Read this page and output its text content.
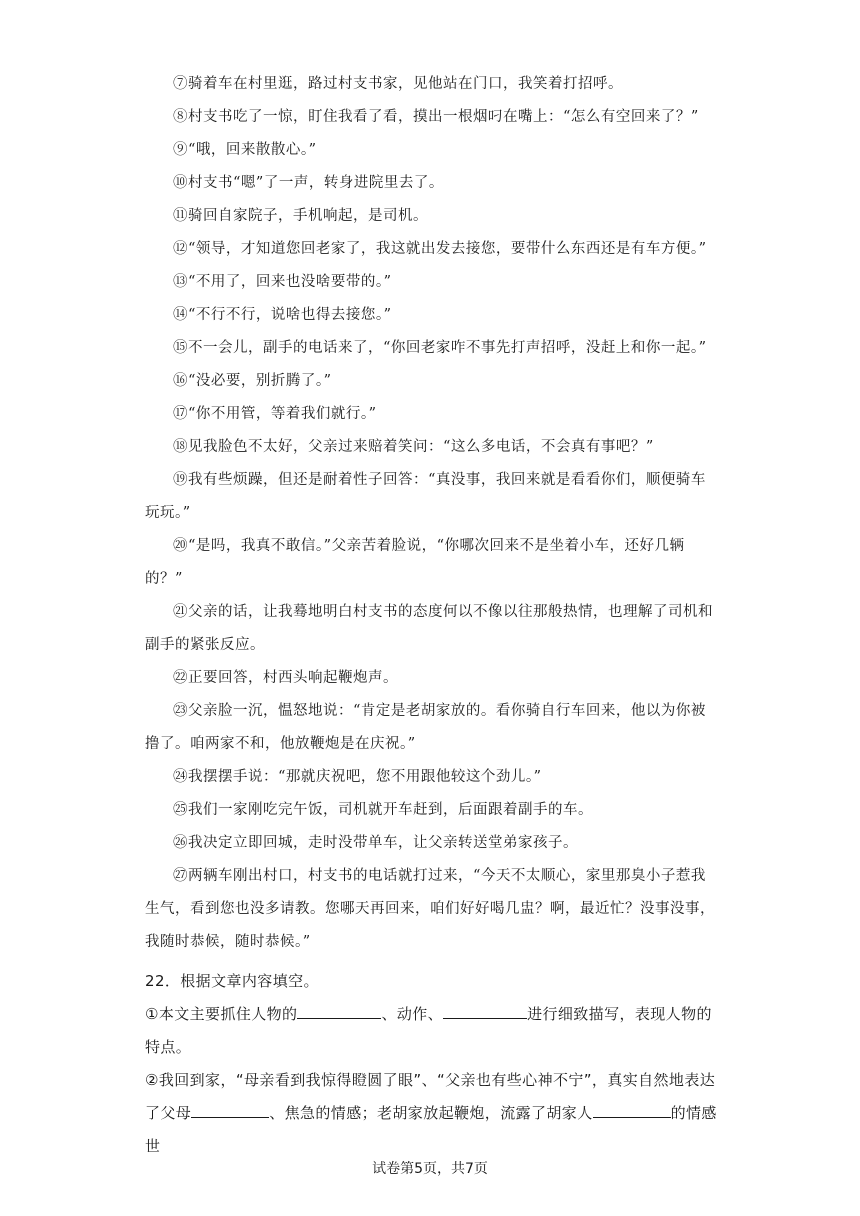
⑦骑着车在村里逛，路过村支书家，见他站在门口，我笑着打招呼。

⑧村支书吃了一惊，盯住我看了看，摸出一根烟叼在嘴上：“怎么有空回来了？”

⑨“哦，回来散散心。”

⑩村支书“嗯”了一声，转身进院里去了。

⑪骑回自家院子，手机响起，是司机。

⑫“领导，才知道您回老家了，我这就出发去接您，要带什么东西还是有车方便。”

⑬“不用了，回来也没啥要带的。”

⑭“不行不行，说啥也得去接您。”

⑮不一会儿，副手的电话来了，“你回老家咋不事先打声招呼，没赶上和你一起。”

⑯“没必要，别折腾了。”

⑰“你不用管，等着我们就行。”

⑱见我脸色不太好，父亲过来赔着笑问：“这么多电话，不会真有事吧？”

⑲我有些烦躁，但还是耐着性子回答：“真没事，我回来就是看看你们，顺便骑车玩玩。”

⑳“是吗，我真不敢信。”父亲苦着脸说，“你哪次回来不是坐着小车，还好几辆的？”

㉑父亲的话，让我蓦地明白村支书的态度何以不像以往那般热情，也理解了司机和副手的紧张反应。

㉒正要回答，村西头响起鞭炮声。

㉓父亲脸一沉，愠怒地说：“肯定是老胡家放的。看你骑自行车回来，他以为你被撸了。咱两家不和，他放鞭炮是在庆祝。”

㉔我摆摆手说：“那就庆祝吧，您不用跟他较这个劲儿。”

㉕我们一家刚吃完午饭，司机就开车赶到，后面跟着副手的车。

㉖我决定立即回城，走时没带单车，让父亲转送堂弟家孩子。

㉗两辆车刚出村口，村支书的电话就打过来，“今天不太顺心，家里那臭小子惹我生气，看到您也没多请教。您哪天再回来，咱们好好喝几盅？啊，最近忙？没事没事，我随时恭候，随时恭候。”

22．根据文章内容填空。

①本文主要抓住人物的	、动作、	进行细致描写，表现人物的特点。

②我回到家，“母亲看到我惊得瞪圆了眼”、“父亲也有些心神不宁”，真实自然地表达了父母	、焦急的情感；老胡家放起鞭炮，流露了胡家人	的情感世

试卷第5页，共7页
